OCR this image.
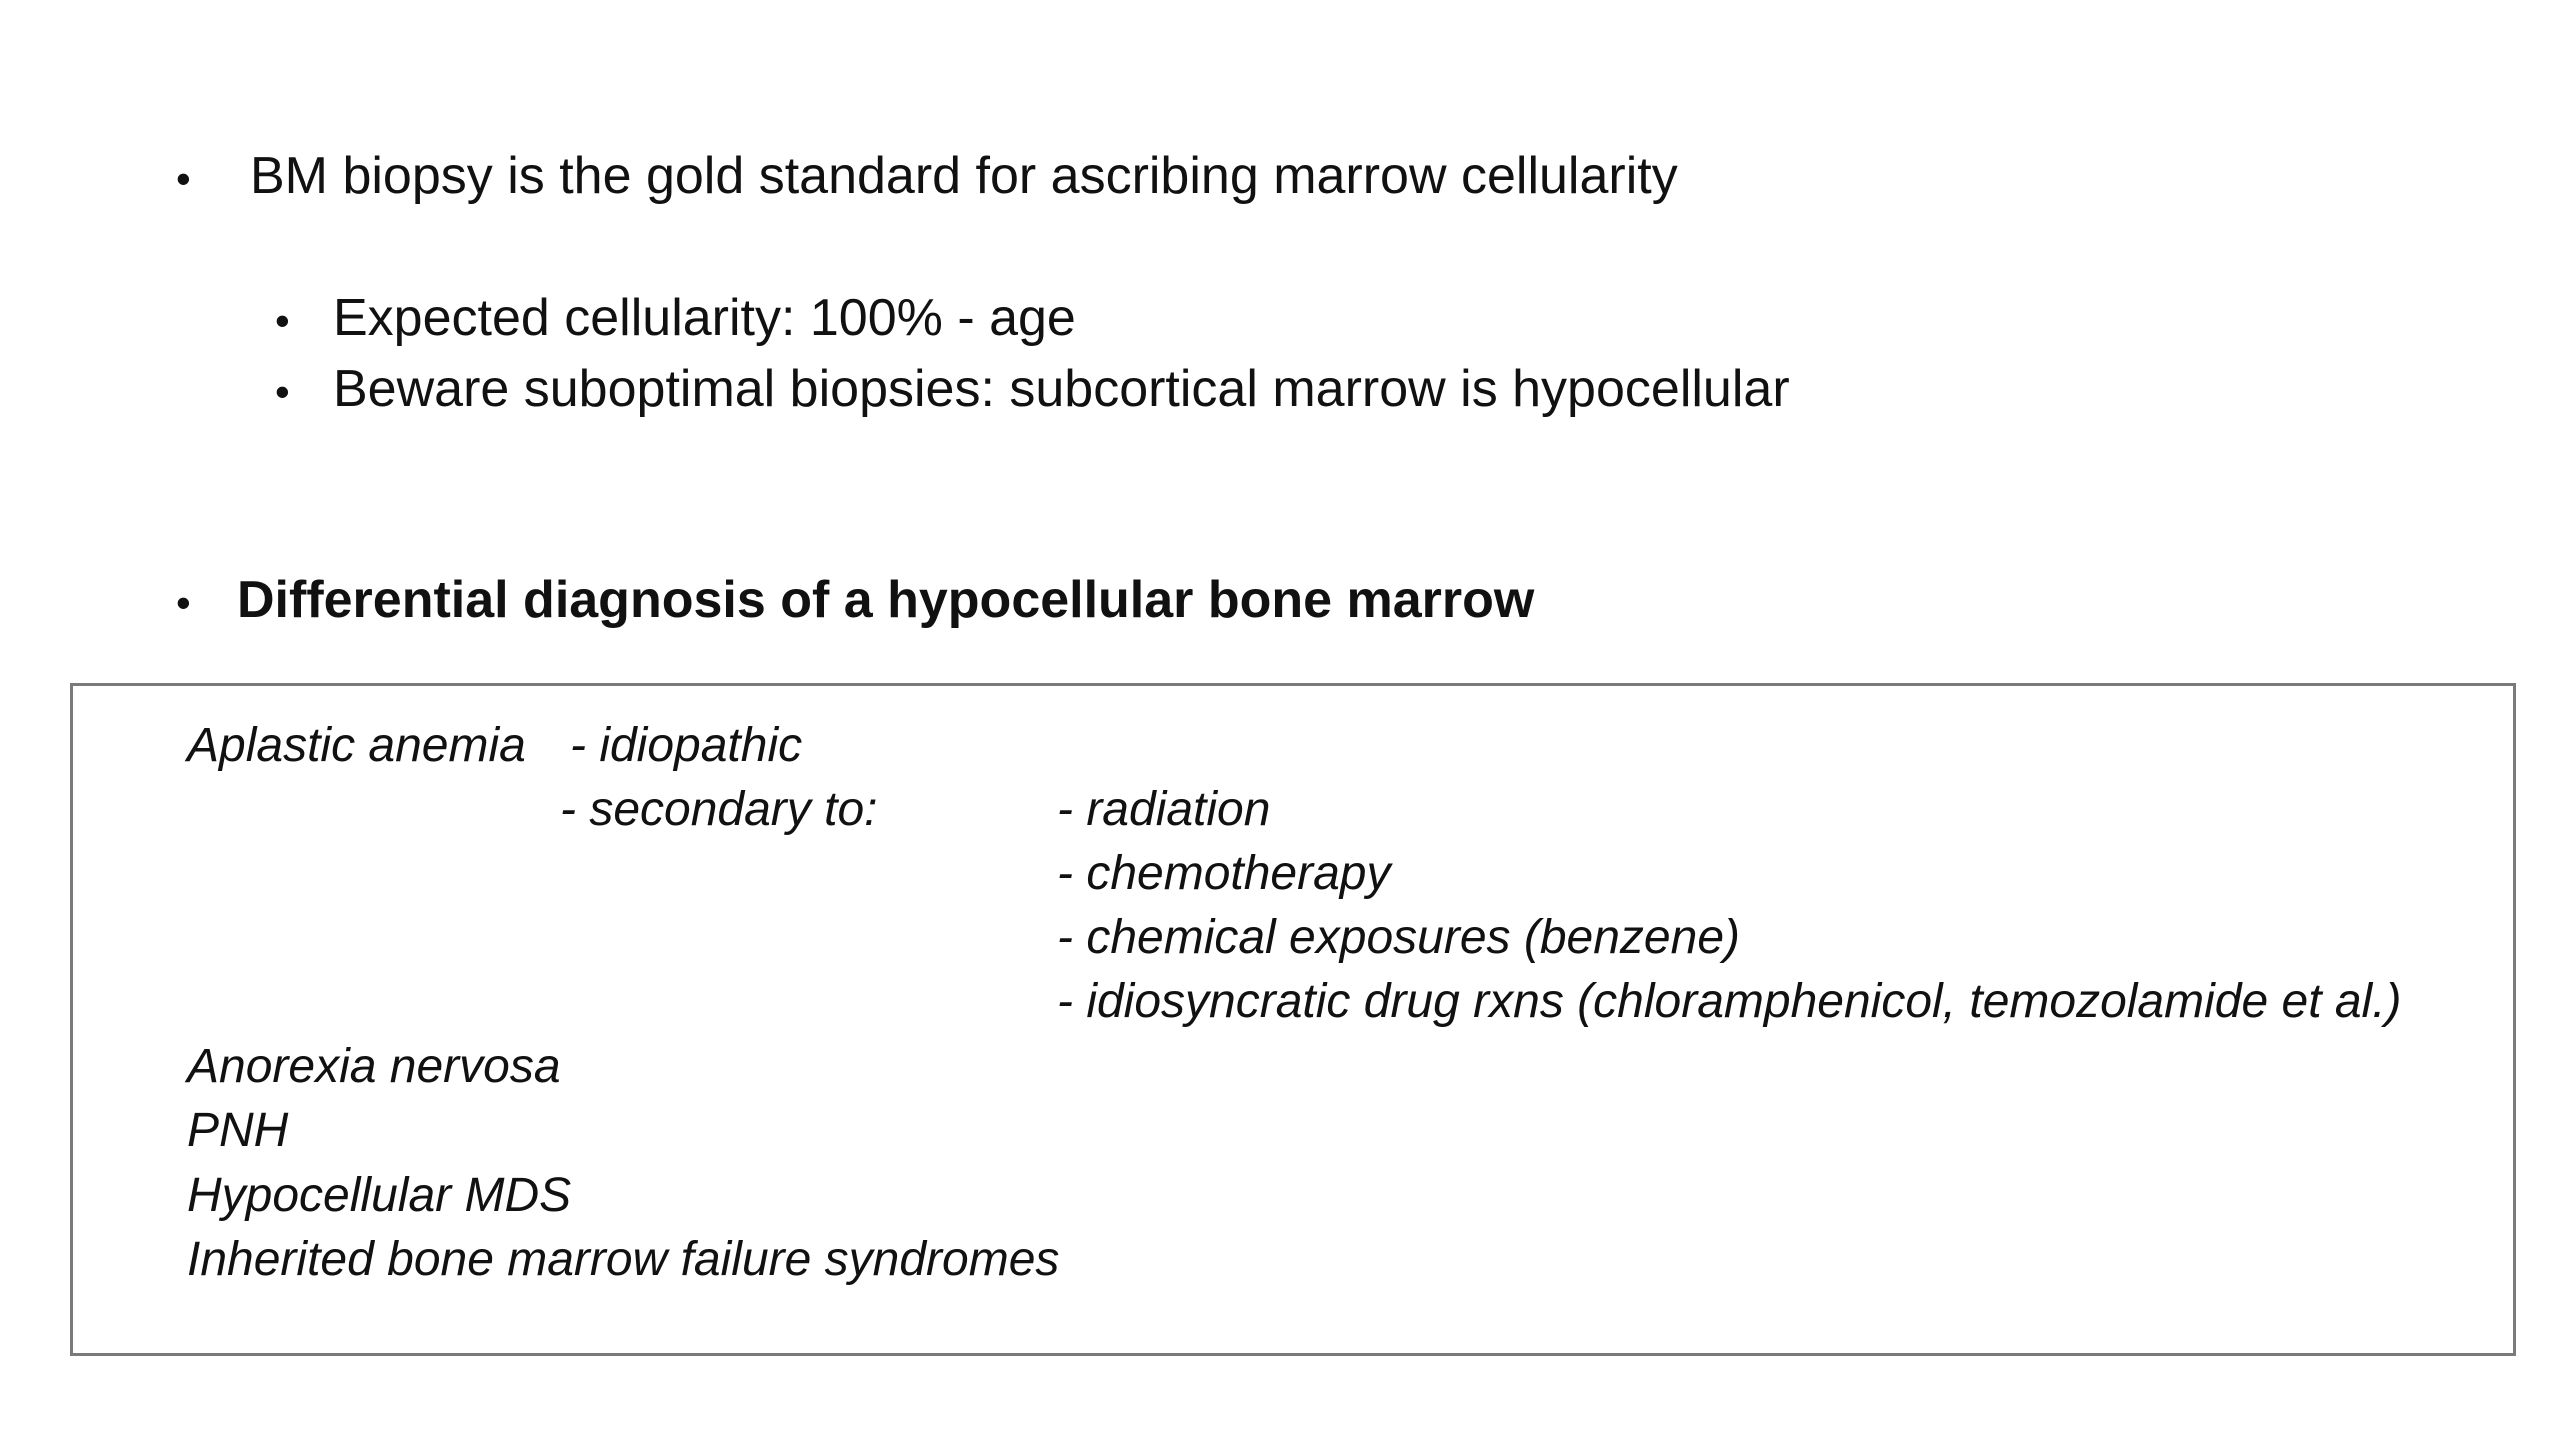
• BM biopsy is the gold standard for ascribing marrow cellularity
• Expected cellularity: 100% - age
• Beware suboptimal biopsies: subcortical marrow is hypocellular
• Differential diagnosis of a hypocellular bone marrow
Aplastic anemia - idiopathic
- secondary to:	- radiation
- chemotherapy
- chemical exposures (benzene)
- idiosyncratic drug rxns (chloramphenicol, temozolamide et al.)
Anorexia nervosa
PNH
Hypocellular MDS
Inherited bone marrow failure syndromes
